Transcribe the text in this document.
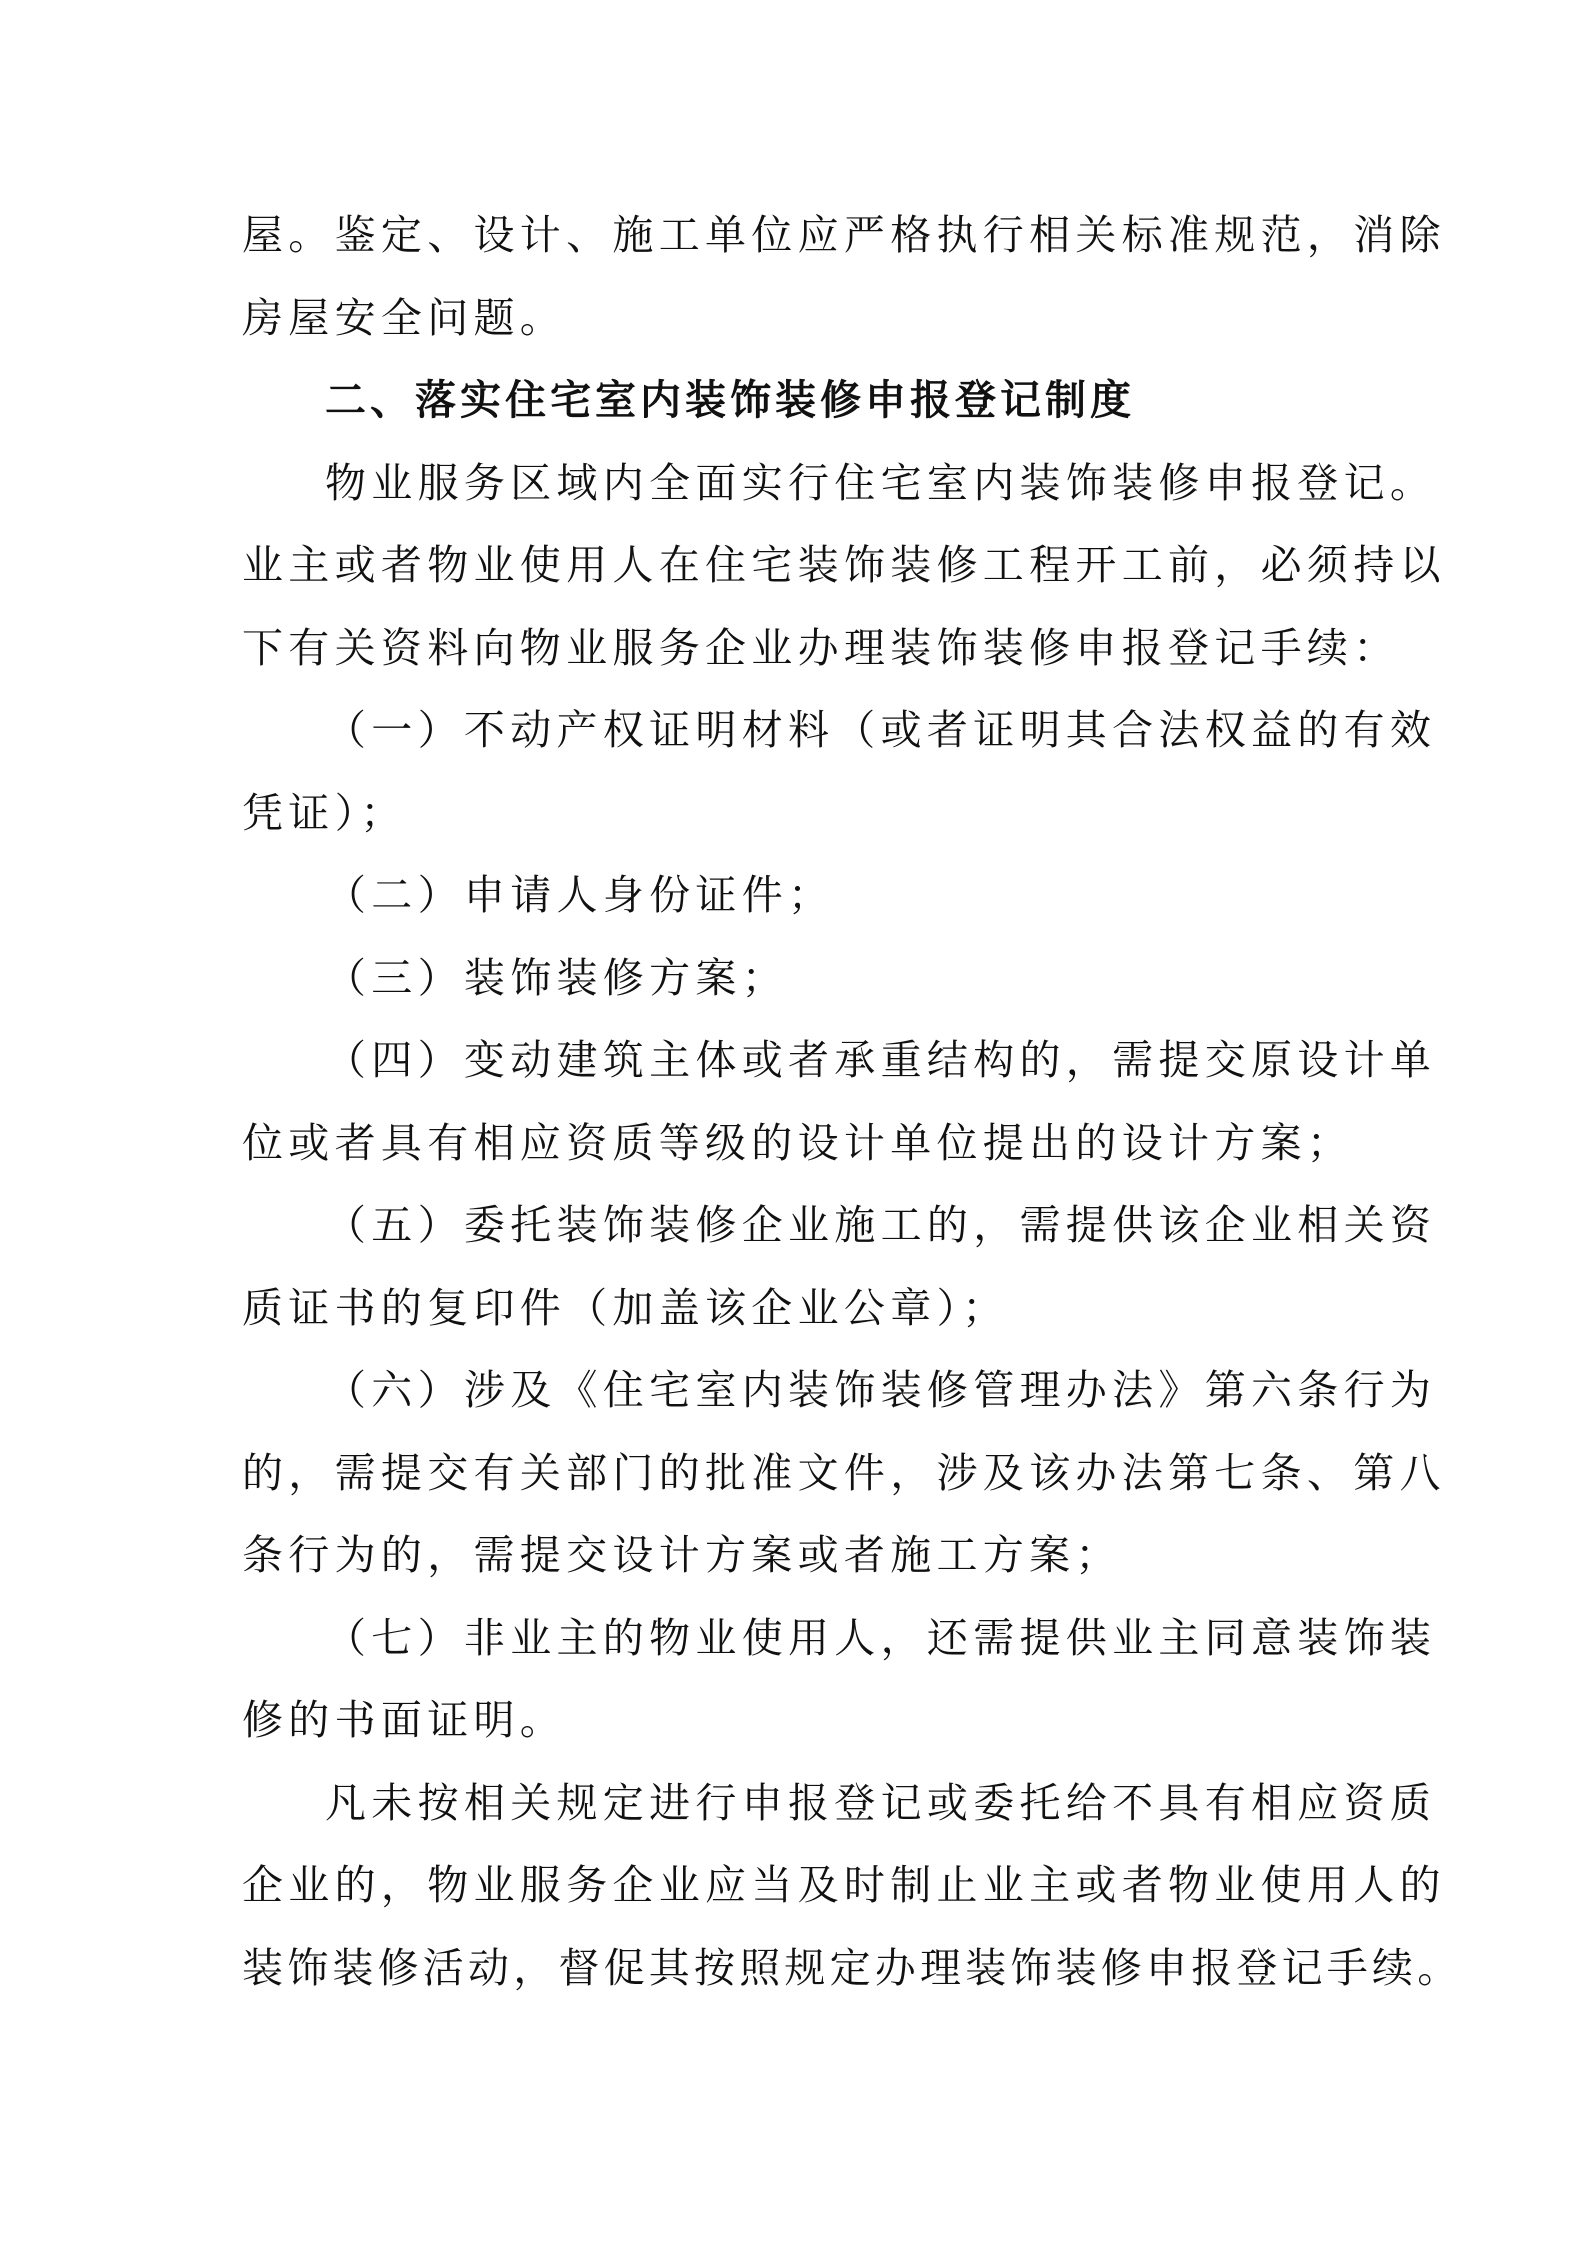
屋。鉴定、设计、施工单位应严格执行相关标准规范，消除
房屋安全问题。
二、落实住宅室内装饰装修申报登记制度
物业服务区域内全面实行住宅室内装饰装修申报登记。
业主或者物业使用人在住宅装饰装修工程开工前，必须持以
下有关资料向物业服务企业办理装饰装修申报登记手续：
（一）不动产权证明材料（或者证明其合法权益的有效
凭证）；
（二）申请人身份证件；
（三）装饰装修方案；
（四）变动建筑主体或者承重结构的，需提交原设计单
位或者具有相应资质等级的设计单位提出的设计方案；
（五）委托装饰装修企业施工的，需提供该企业相关资
质证书的复印件（加盖该企业公章）；
（六）涉及《住宅室内装饰装修管理办法》第六条行为
的，需提交有关部门的批准文件，涉及该办法第七条、第八
条行为的，需提交设计方案或者施工方案；
（七）非业主的物业使用人，还需提供业主同意装饰装
修的书面证明。
凡未按相关规定进行申报登记或委托给不具有相应资质
企业的，物业服务企业应当及时制止业主或者物业使用人的
装饰装修活动，督促其按照规定办理装饰装修申报登记手续。
